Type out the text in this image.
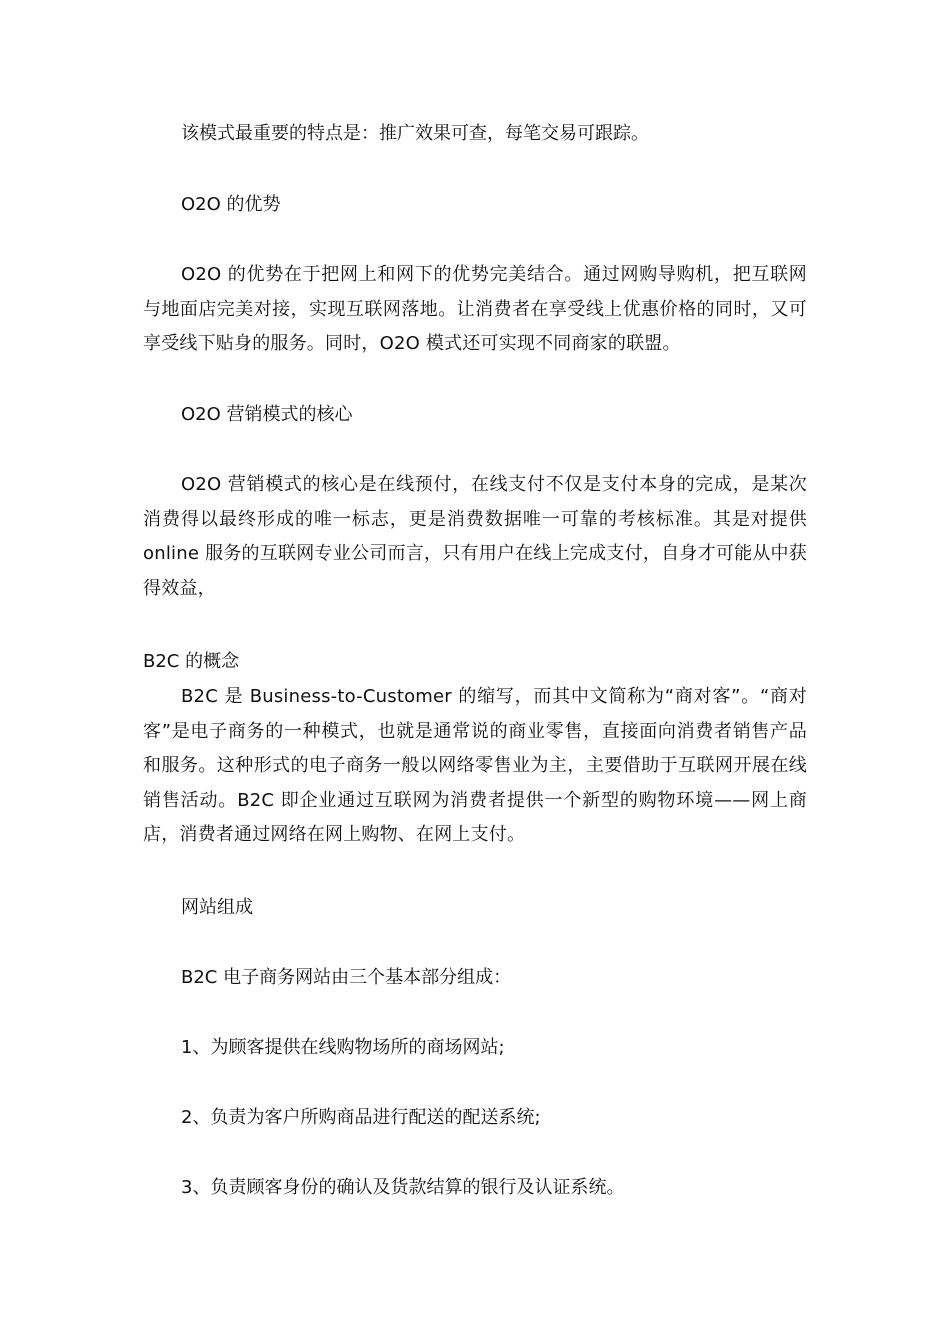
该模式最重要的特点是：推广效果可查，每笔交易可跟踪。

O2O 的优势

O2O 的优势在于把网上和网下的优势完美结合。通过网购导购机，把互联网与地面店完美对接，实现互联网落地。让消费者在享受线上优惠价格的同时，又可享受线下贴身的服务。同时，O2O 模式还可实现不同商家的联盟。

O2O 营销模式的核心

O2O 营销模式的核心是在线预付，在线支付不仅是支付本身的完成，是某次消费得以最终形成的唯一标志，更是消费数据唯一可靠的考核标准。其是对提供online 服务的互联网专业公司而言，只有用户在线上完成支付，自身才可能从中获得效益，

B2C 的概念

B2C 是 Business-to-Customer 的缩写，而其中文简称为“商对客”。“商对客”是电子商务的一种模式，也就是通常说的商业零售，直接面向消费者销售产品和服务。这种形式的电子商务一般以网络零售业为主，主要借助于互联网开展在线销售活动。B2C 即企业通过互联网为消费者提供一个新型的购物环境——网上商店，消费者通过网络在网上购物、在网上支付。

网站组成

B2C 电子商务网站由三个基本部分组成：

1、为顾客提供在线购物场所的商场网站;

2、负责为客户所购商品进行配送的配送系统;

3、负责顾客身份的确认及货款结算的银行及认证系统。
